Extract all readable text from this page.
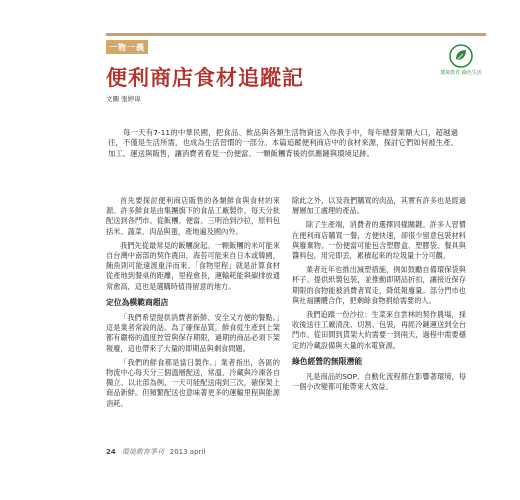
一物一義
環境教育 綠色生活
便利商店食材追蹤記
文圖 張婷瑋

每一天有7-11的中華民國，把食品、飲品與各類生活物資送入你我手中，每年總營業額大口，超越過往，不僅是生活所需，也成為生活習慣的一部分。本篇追蹤便利商店中的食材來源，探討它們如何被生產、加工、運送與販售，讓消費者看見一份便當、一顆飯糰背後的供應鏈與環境足跡。

首先要探討便利商店販售的各類鮮食與食材的來源。許多鮮食是由集團旗下的食品工廠製作，每天分批配送到各門市。從飯糰、便當、三明治到沙拉，原料包括米、蔬菜、肉品與蛋，產地遍及國內外。

我們先從最常見的飯糰說起。一顆飯糰的米可能來自台灣中南部的契作農田，海苔可能來自日本或韓國，鮪魚則可能遠渡重洋而來。「食物里程」就是計算食材從產地到餐桌的距離，里程愈長，運輸耗能與碳排放通常愈高，這也是選購時值得留意的地方。

定位為模範商超店

「我們希望提供消費者新鮮、安全又方便的餐點。」這是業者常說的話。為了確保品質，鮮食從生產到上架都有嚴格的溫度控管與保存期限，過期的商品必須下架報廢，這也帶來了大量的即期品與剩食問題。

「我們的鮮食都是當日製作。」業者指出，各區的物流中心每天分三個溫層配送，常溫、冷藏與冷凍各自獨立。以北部為例，一天可能配送兩到三次，確保架上商品新鮮。但頻繁配送也意味著更多的運輸里程與能源消耗。

除此之外，以及我們購買的肉品，其實有許多也是經過層層加工處理的產品。

除了生產端，消費者的選擇同樣關鍵。許多人習慣在便利商店購買一餐，方便快速，卻很少留意包裝材料與廢棄物。一份便當可能包含塑膠盒、塑膠袋、餐具與醬料包，用完即丟，累積起來的垃圾量十分可觀。

業者近年也推出減塑措施，例如鼓勵自備環保袋與杯子、提供紙製包裝，並推動即期品折扣，讓接近保存期限的食物能被消費者買走，降低報廢量。部分門市也與社福團體合作，把剩餘食物捐給需要的人。

我們追蹤一份沙拉：生菜來自雲林的契作農場，採收後送往工廠清洗、切割、包裝，再經冷鏈運送到全台門市。從田間到貨架大約需要一到兩天，過程中需要穩定的冷藏設備與大量的水電資源。

綠色經營的無限潛能

凡是商品的SOP、自動化流程都在影響著環境，每一個小改變都可能帶來大效益。

24 環境教育季刊 2013 april
